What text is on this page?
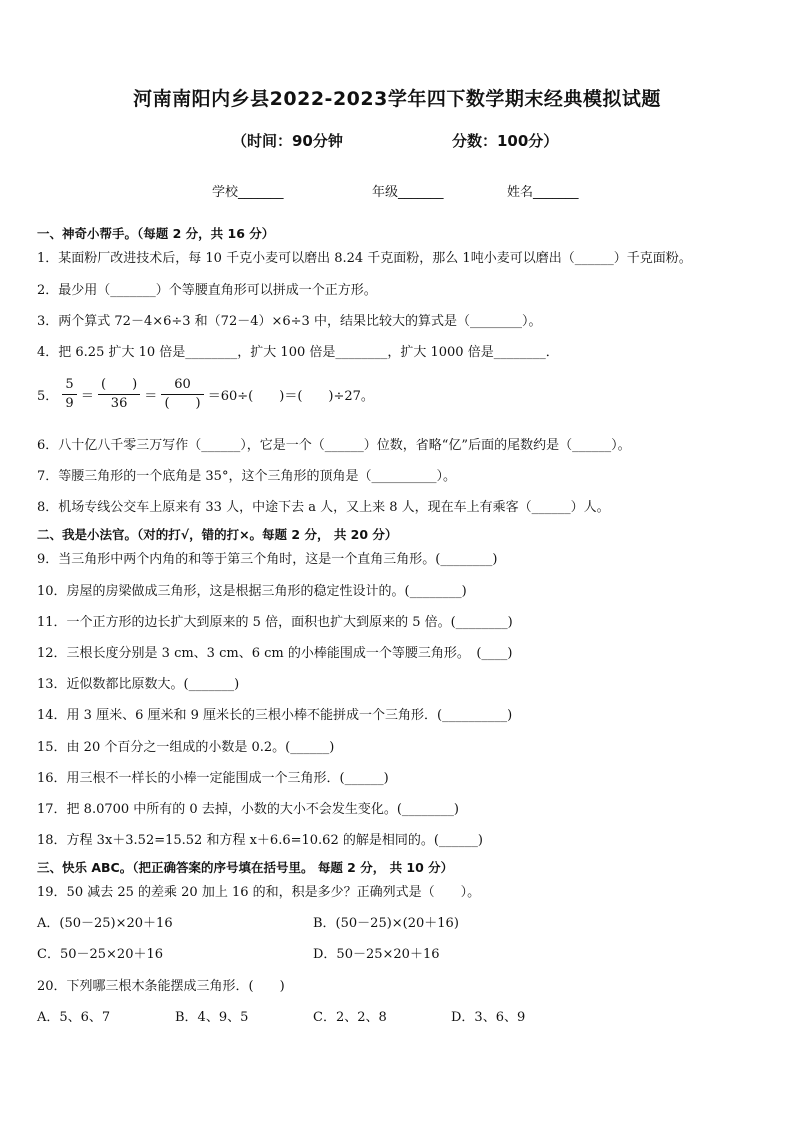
河南南阳内乡县2022-2023学年四下数学期末经典模拟试题
（时间：90分钟	分数：100分）
学校_______	年级_______	姓名_______
一、神奇小帮手。（每题 2 分，共 16 分）
1．某面粉厂改进技术后，每 10 千克小麦可以磨出 8.24 千克面粉，那么 1吨小麦可以磨出（______）千克面粉。
2．最少用（_______）个等腰直角形可以拼成一个正方形。
3．两个算式 72－4×6÷3 和（72－4）×6÷3 中，结果比较大的算式是（________）。
4．把 6.25 扩大 10 倍是________，扩大 100 倍是________，扩大 1000 倍是________．
5． $\frac{5}{9} = \frac{( )}{36} = \frac{60}{( )} =60\div$(　　)＝(　　)÷27。
6．八十亿八千零三万写作（______），它是一个（______）位数，省略“亿”后面的尾数约是（______）。
7．等腰三角形的一个底角是 35°，这个三角形的顶角是（__________）。
8．机场专线公交车上原来有 33 人，中途下去 a 人，又上来 8 人，现在车上有乘客（______）人。
二、我是小法官。（对的打√，错的打×。每题 2 分， 共 20 分）
9．当三角形中两个内角的和等于第三个角时，这是一个直角三角形。(________)
10．房屋的房梁做成三角形，这是根据三角形的稳定性设计的。(________)
11．一个正方形的边长扩大到原来的 5 倍，面积也扩大到原来的 5 倍。(________)
12．三根长度分别是 3 cm、3 cm、6 cm 的小棒能围成一个等腰三角形。　(____)
13．近似数都比原数大。(_______)
14．用 3 厘米、6 厘米和 9 厘米长的三根小棒不能拼成一个三角形．(__________)
15．由 20 个百分之一组成的小数是 0.2。(______)
16．用三根不一样长的小棒一定能围成一个三角形．(______)
17．把 8.0700 中所有的 0 去掉，小数的大小不会发生变化。(________)
18．方程 3x＋3.52=15.52 和方程 x＋6.6=10.62 的解是相同的。(______)
三、快乐 ABC。（把正确答案的序号填在括号里。 每题 2 分， 共 10 分）
19．50 减去 25 的差乘 20 加上 16 的和，积是多少？正确列式是（　　）。
A．(50－25)×20＋16	B．(50－25)×(20＋16)
C．50－25×20＋16	D．50－25×20＋16
20．下列哪三根木条能摆成三角形．(　　)
A．5、6、7	B．4、9、5	C．2、2、8	D．3、6、9
